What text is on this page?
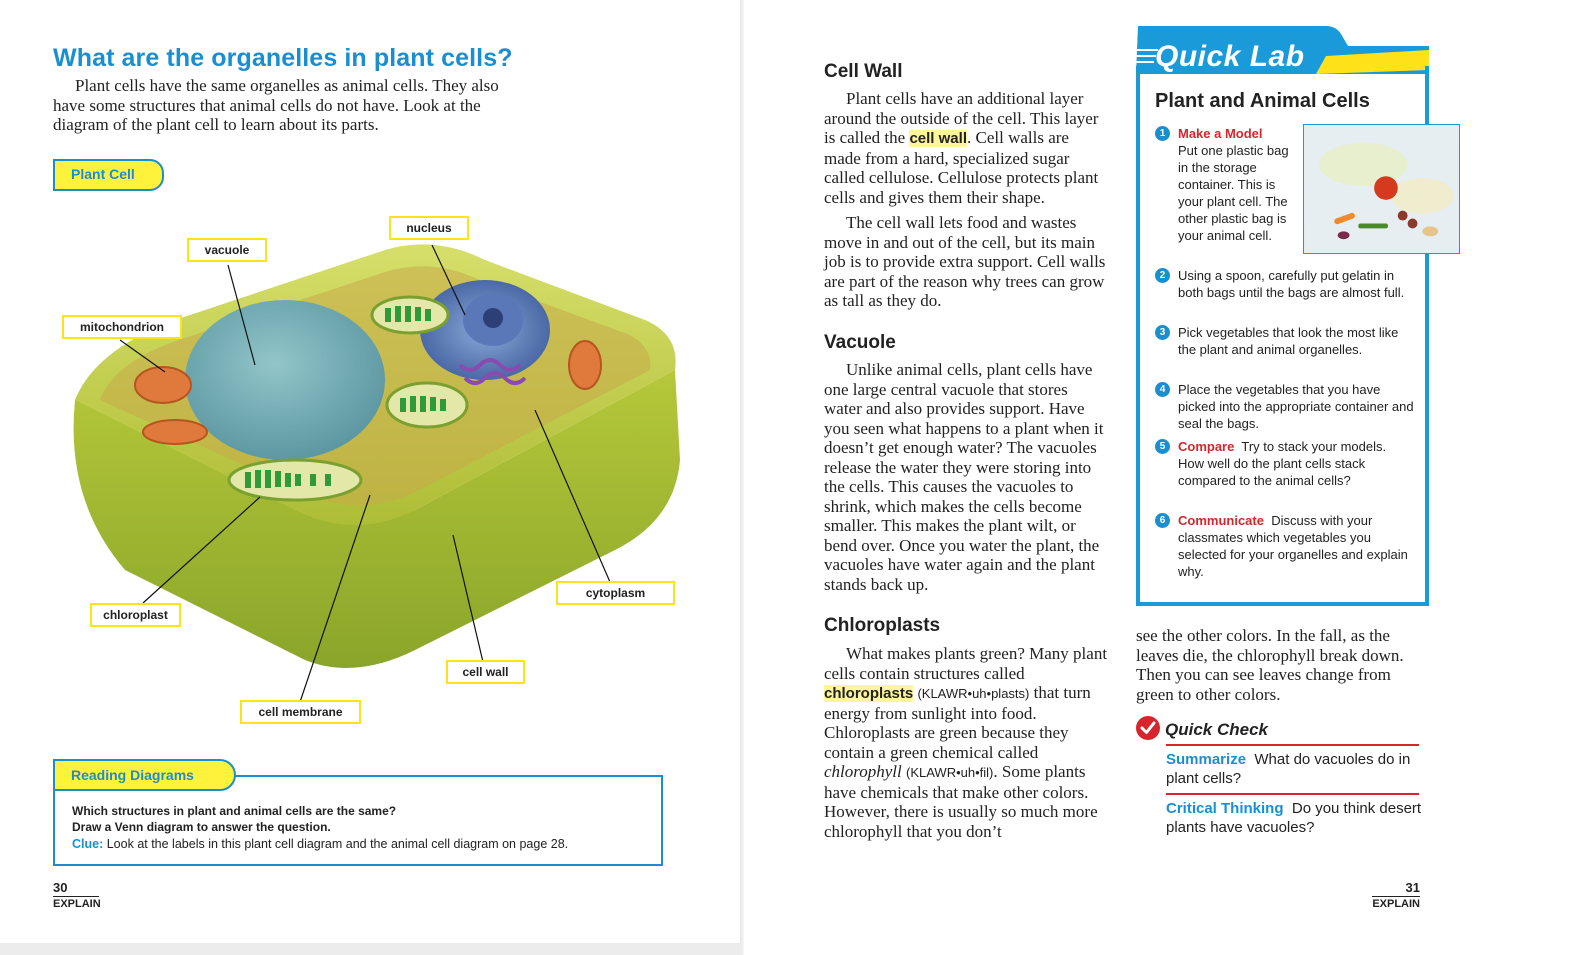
What are the organelles in plant cells?

Plant cells have the same organelles as animal cells. They also have some structures that animal cells do not have. Look at the diagram of the plant cell to learn about its parts.

Plant Cell
vacuole
nucleus
mitochondrion
chloroplast
cytoplasm
cell wall
cell membrane
Reading Diagrams
Which structures in plant and animal cells are the same?
Draw a Venn diagram to answer the question.
Clue: Look at the labels in this plant cell diagram and the animal cell diagram on page 28.
30
EXPLAIN
Cell Wall

Plant cells have an additional layer around the outside of the cell. This layer is called the cell wall. Cell walls are made from a hard, specialized sugar called cellulose. Cellulose protects plant cells and gives them their shape.

The cell wall lets food and wastes move in and out of the cell, but its main job is to provide extra support. Cell walls are part of the reason why trees can grow as tall as they do.

Vacuole

Unlike animal cells, plant cells have one large central vacuole that stores water and also provides support. Have you seen what happens to a plant when it doesn’t get enough water? The vacuoles release the water they were storing into the cells. This causes the vacuoles to shrink, which makes the cells become smaller. This makes the plant wilt, or bend over. Once you water the plant, the vacuoles have water again and the plant stands back up.

Chloroplasts

What makes plants green? Many plant cells contain structures called chloroplasts (KLAWR•uh•plasts) that turn energy from sunlight into food. Chloroplasts are green because they contain a green chemical called chlorophyll (KLAWR•uh•fil). Some plants have chemicals that make other colors. However, there is usually so much more chlorophyll that you don’t

Quick Lab
Plant and Animal Cells
1 Make a Model
Put one plastic bag in the storage container. This is your plant cell. The other plastic bag is your animal cell.
2 Using a spoon, carefully put gelatin in both bags until the bags are almost full.
3 Pick vegetables that look the most like the plant and animal organelles.
4 Place the vegetables that you have picked into the appropriate container and seal the bags.
5 Compare Try to stack your models. How well do the plant cells stack compared to the animal cells?
6 Communicate Discuss with your classmates which vegetables you selected for your organelles and explain why.
see the other colors. In the fall, as the leaves die, the chlorophyll break down. Then you can see leaves change from green to other colors.
Quick Check
Summarize What do vacuoles do in plant cells?
Critical Thinking Do you think desert plants have vacuoles?
31
EXPLAIN
